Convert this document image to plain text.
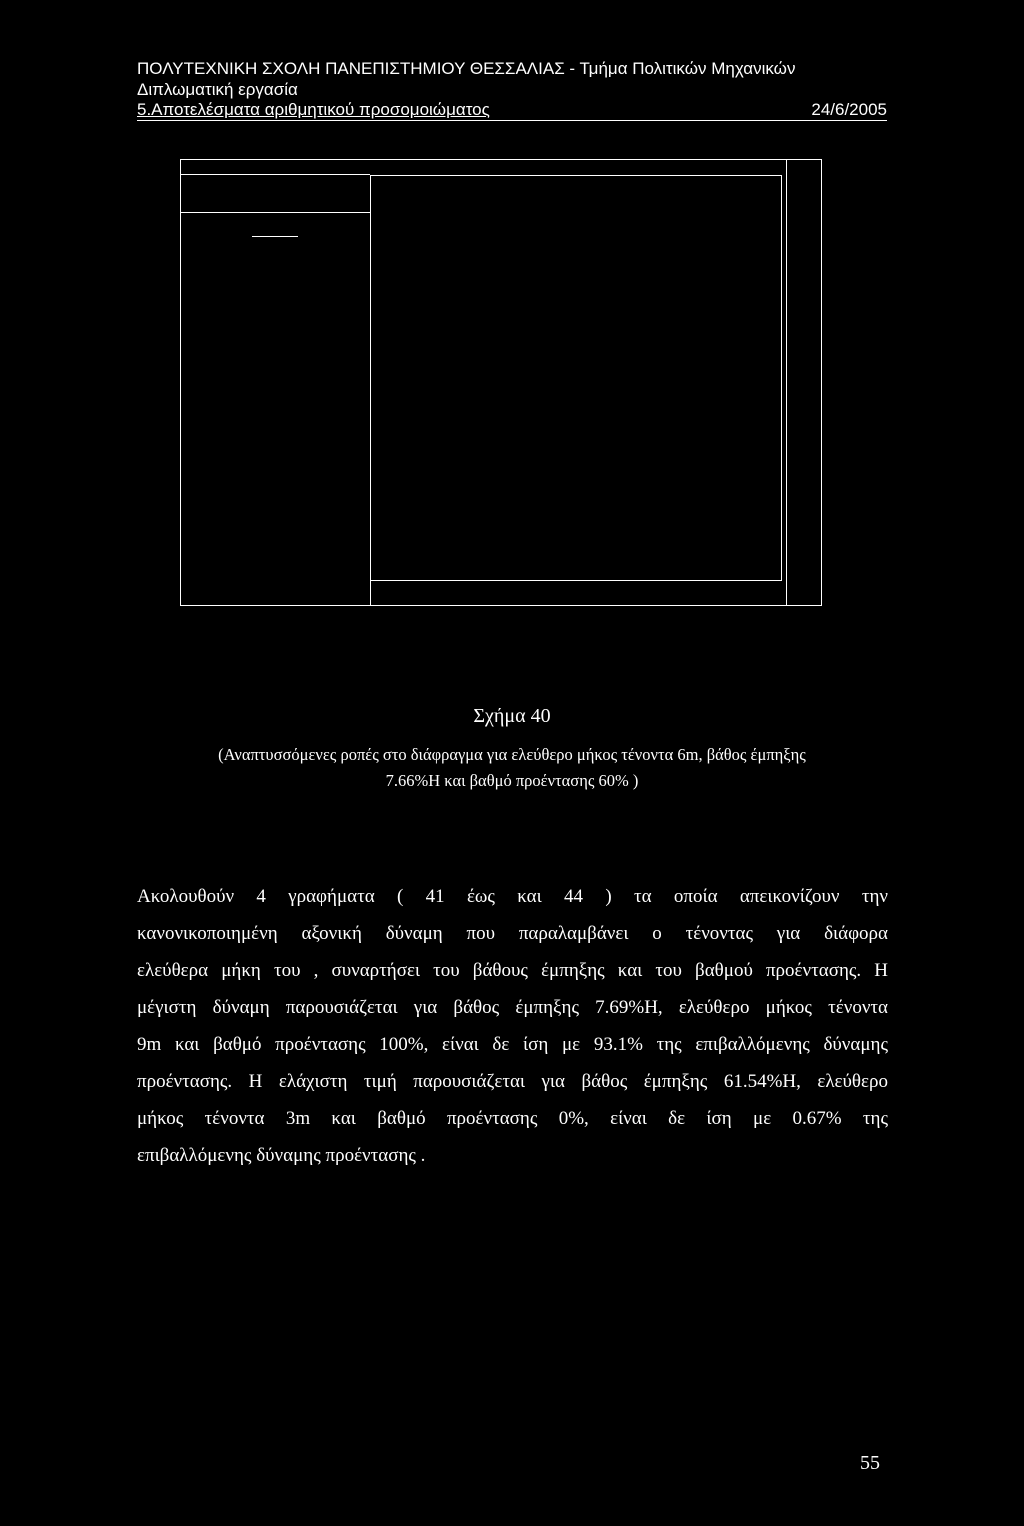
ΠΟΛΥΤΕΧΝΙΚΗ ΣΧΟΛΗ ΠΑΝΕΠΙΣΤΗΜΙΟΥ ΘΕΣΣΑΛΙΑΣ - Τμήμα Πολιτικών Μηχανικών
Διπλωματική εργασία
5.Αποτελέσματα αριθμητικού προσομοιώματος	24/6/2005
Σχήμα 40
(Αναπτυσσόμενες ροπές στο διάφραγμα για ελεύθερο μήκος τένοντα 6m, βάθος έμπηξης
7.66%Η και βαθμό προέντασης 60% )
Ακολουθούν 4 γραφήματα ( 41 έως και 44 ) τα οποία απεικονίζουν την
κανονικοποιημένη αξονική δύναμη που παραλαμβάνει ο τένοντας για διάφορα
ελεύθερα μήκη του , συναρτήσει του βάθους έμπηξης και του βαθμού προέντασης. Η
μέγιστη δύναμη παρουσιάζεται για βάθος έμπηξης 7.69%Η, ελεύθερο μήκος τένοντα
9m και βαθμό προέντασης 100%, είναι δε ίση με 93.1% της επιβαλλόμενης δύναμης
προέντασης. Η ελάχιστη τιμή παρουσιάζεται για βάθος έμπηξης 61.54%Η, ελεύθερο
μήκος τένοντα 3m και βαθμό προέντασης 0%, είναι δε ίση με 0.67% της
επιβαλλόμενης δύναμης προέντασης .
55
